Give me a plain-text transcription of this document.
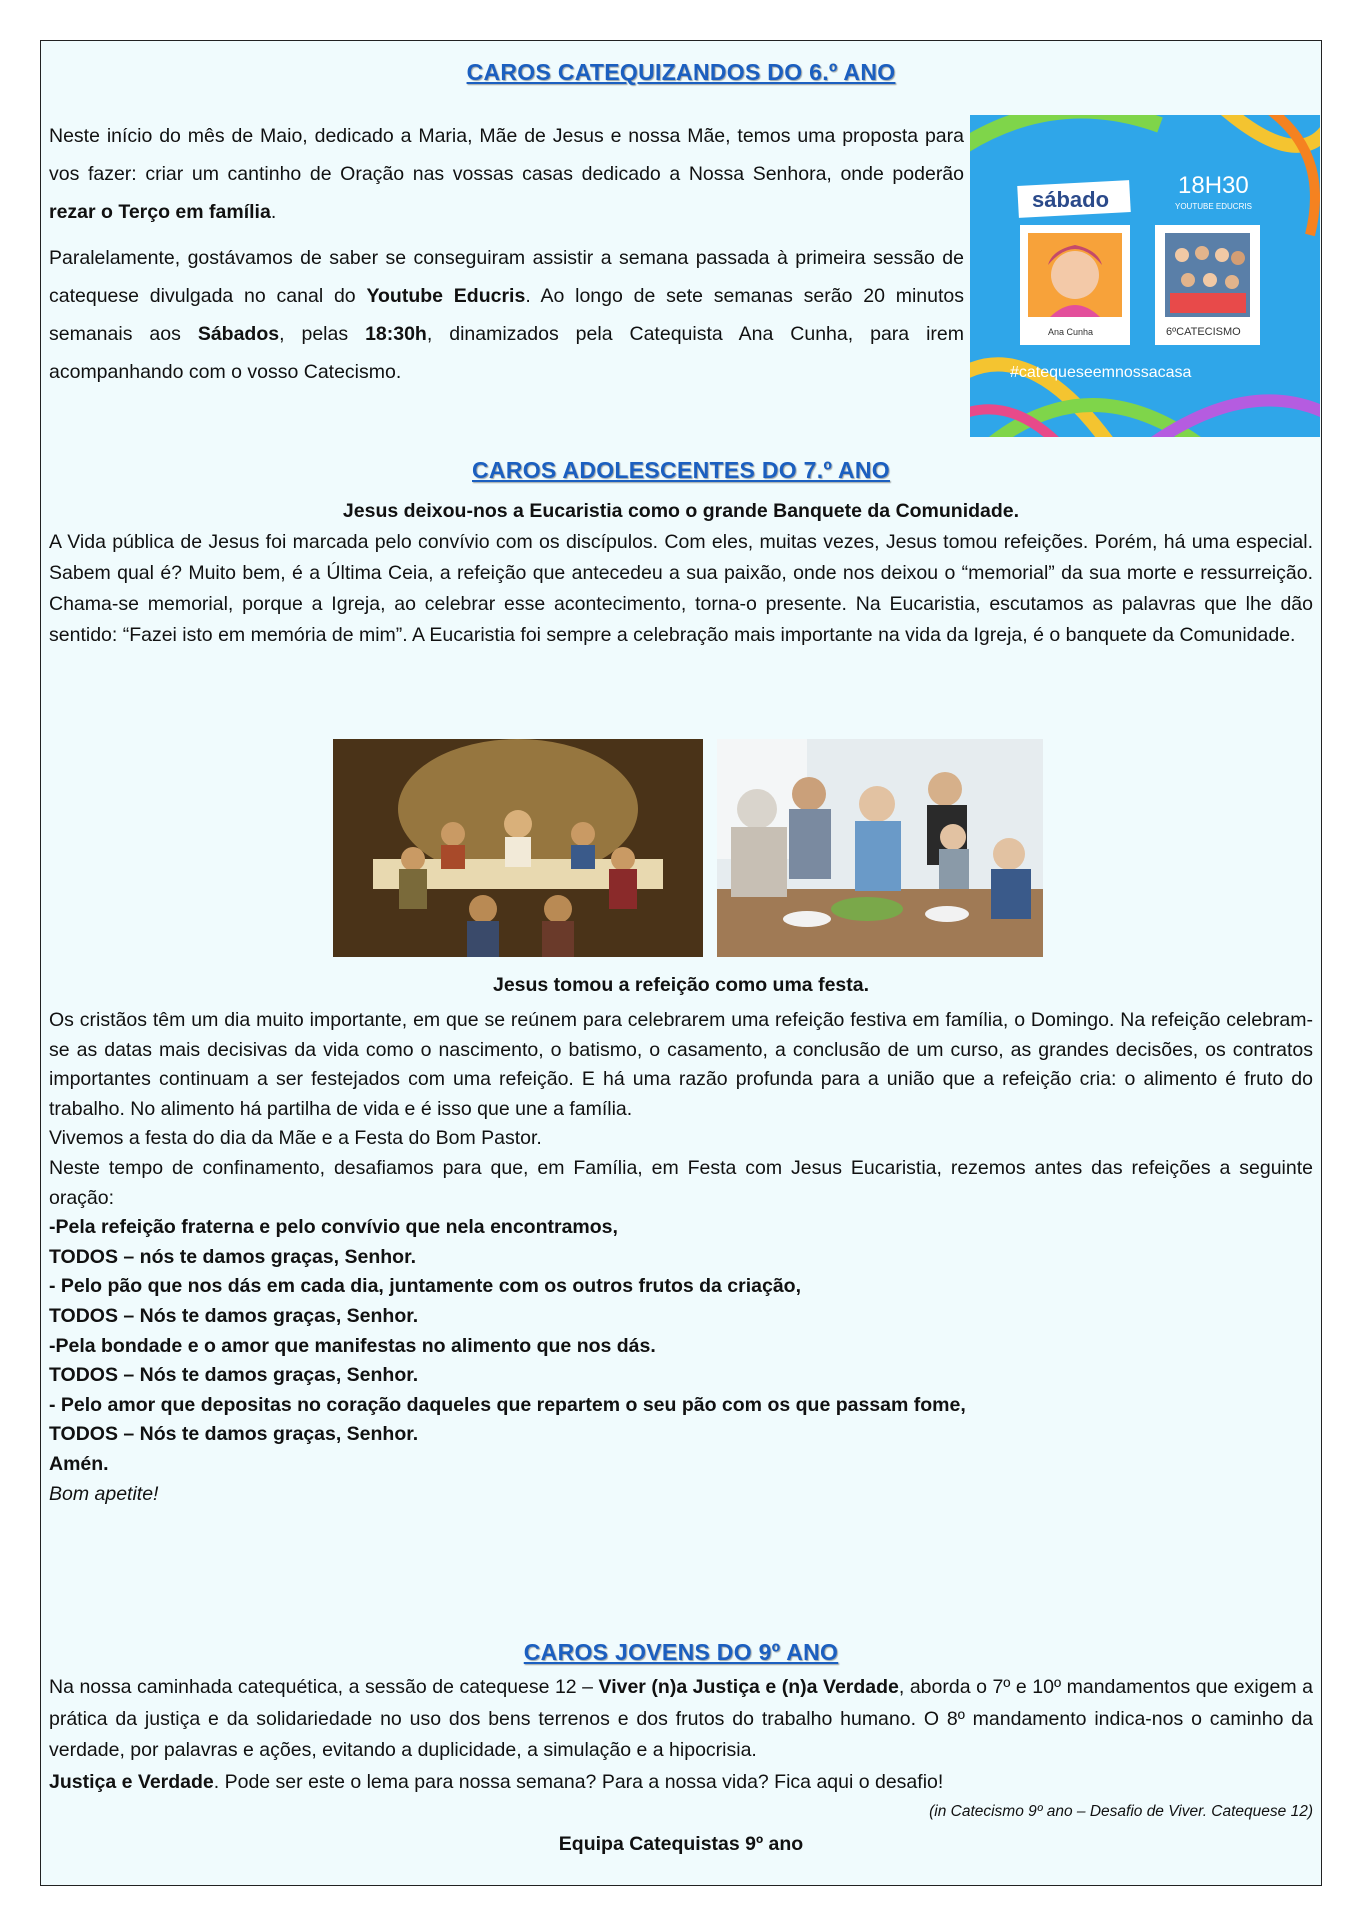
CAROS CATEQUIZANDOS DO 6.º ANO

Neste início do mês de Maio, dedicado a Maria, Mãe de Jesus e nossa Mãe, temos uma proposta para vos fazer: criar um cantinho de Oração nas vossas casas dedicado a Nossa Senhora, onde poderão rezar o Terço em família.

Paralelamente, gostávamos de saber se conseguiram assistir a semana passada à primeira sessão de catequese divulgada no canal do Youtube Educris. Ao longo de sete semanas serão 20 minutos semanais aos Sábados, pelas 18:30h, dinamizados pela Catequista Ana Cunha, para irem acompanhando com o vosso Catecismo.

sábado
18H30
YOUTUBE EDUCRIS
Ana Cunha	6ºCATECISMO
#catequeseemnossacasa
CAROS ADOLESCENTES DO 7.º ANO

Jesus deixou-nos a Eucaristia como o grande Banquete da Comunidade.

A Vida pública de Jesus foi marcada pelo convívio com os discípulos. Com eles, muitas vezes, Jesus tomou refeições. Porém, há uma especial. Sabem qual é? Muito bem, é a Última Ceia, a refeição que antecedeu a sua paixão, onde nos deixou o “memorial” da sua morte e ressurreição. Chama-se memorial, porque a Igreja, ao celebrar esse acontecimento, torna-o presente. Na Eucaristia, escutamos as palavras que lhe dão sentido: “Fazei isto em memória de mim”. A Eucaristia foi sempre a celebração mais importante na vida da Igreja, é o banquete da Comunidade.

Jesus tomou a refeição como uma festa.

Os cristãos têm um dia muito importante, em que se reúnem para celebrarem uma refeição festiva em família, o Domingo. Na refeição celebram-se as datas mais decisivas da vida como o nascimento, o batismo, o casamento, a conclusão de um curso, as grandes decisões, os contratos importantes continuam a ser festejados com uma refeição. E há uma razão profunda para a união que a refeição cria: o alimento é fruto do trabalho. No alimento há partilha de vida e é isso que une a família.

Vivemos a festa do dia da Mãe e a Festa do Bom Pastor.

Neste tempo de confinamento, desafiamos para que, em Família, em Festa com Jesus Eucaristia, rezemos antes das refeições a seguinte oração:

-Pela refeição fraterna e pelo convívio que nela encontramos,

TODOS – nós te damos graças, Senhor.

- Pelo pão que nos dás em cada dia, juntamente com os outros frutos da criação,

TODOS – Nós te damos graças, Senhor.

-Pela bondade e o amor que manifestas no alimento que nos dás.

TODOS – Nós te damos graças, Senhor.

- Pelo amor que depositas no coração daqueles que repartem o seu pão com os que passam fome,

TODOS – Nós te damos graças, Senhor.

Amén.

Bom apetite!

CAROS JOVENS DO 9º ANO

Na nossa caminhada catequética, a sessão de catequese 12 – Viver (n)a Justiça e (n)a Verdade, aborda o 7º e 10º mandamentos que exigem a prática da justiça e da solidariedade no uso dos bens terrenos e dos frutos do trabalho humano. O 8º mandamento indica-nos o caminho da verdade, por palavras e ações, evitando a duplicidade, a simulação e a hipocrisia.

Justiça e Verdade. Pode ser este o lema para nossa semana? Para a nossa vida? Fica aqui o desafio!

(in Catecismo 9º ano – Desafio de Viver. Catequese 12)

Equipa Catequistas 9º ano
